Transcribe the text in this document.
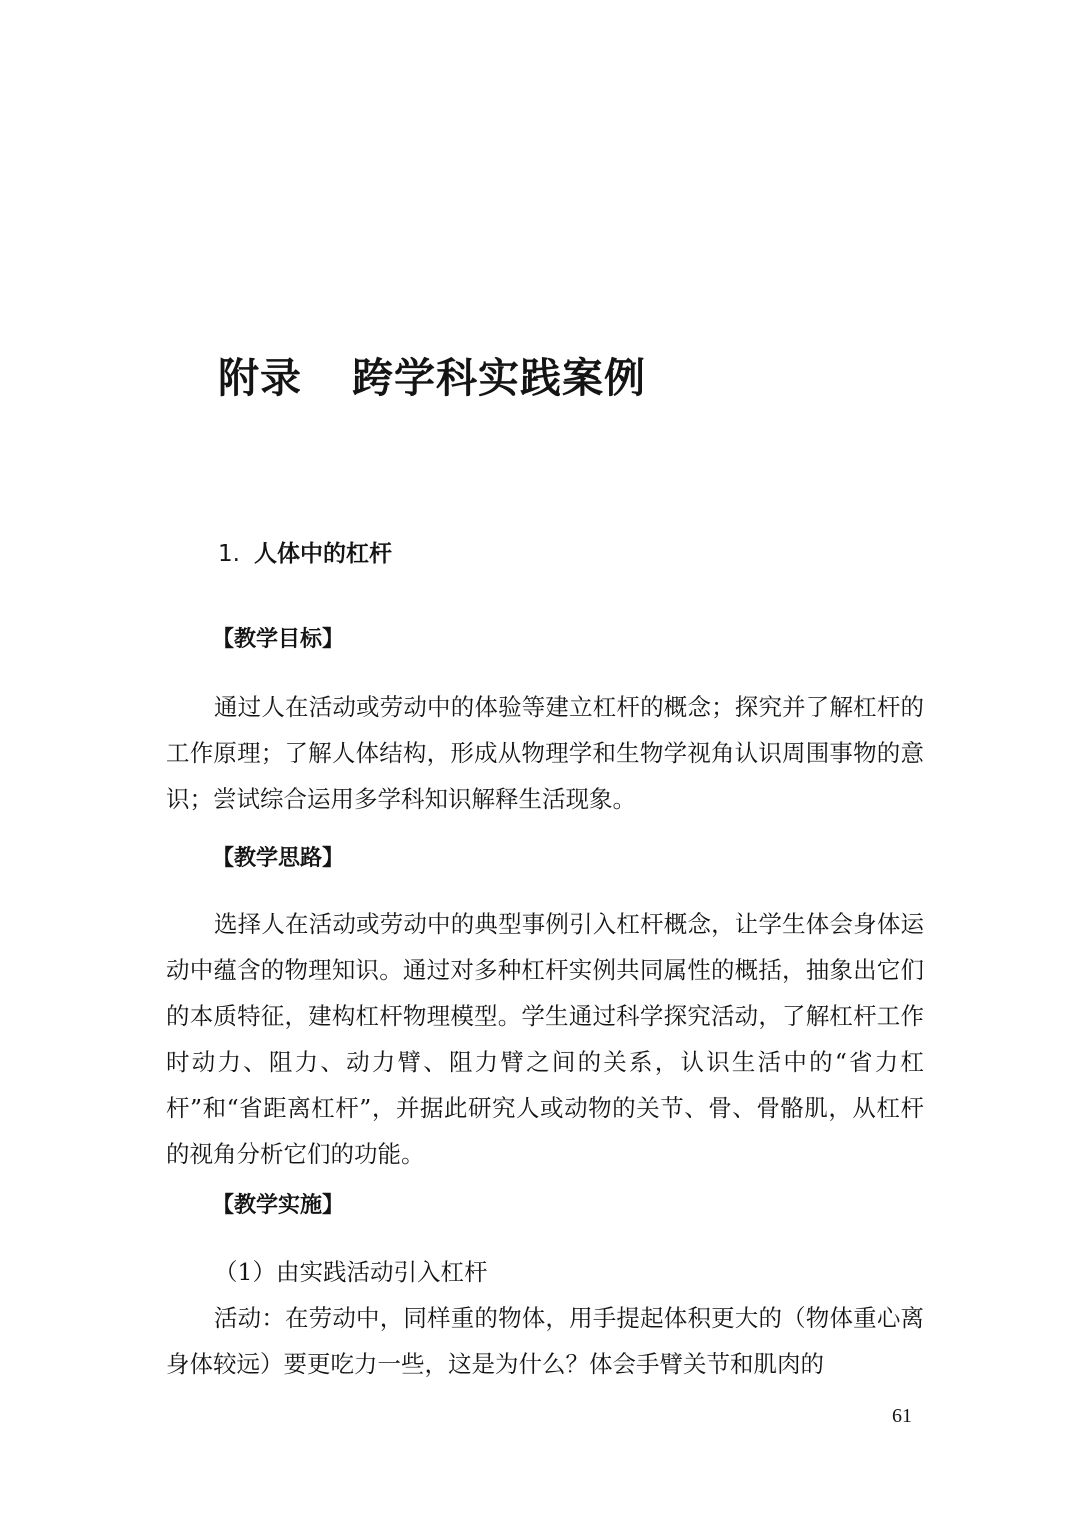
附录 跨学科实践案例
1. 人体中的杠杆
【教学目标】

通过人在活动或劳动中的体验等建立杠杆的概念；探究并了解杠杆的工作原理；了解人体结构，形成从物理学和生物学视角认识周围事物的意识；尝试综合运用多学科知识解释生活现象。

【教学思路】

选择人在活动或劳动中的典型事例引入杠杆概念，让学生体会身体运动中蕴含的物理知识。通过对多种杠杆实例共同属性的概括，抽象出它们的本质特征，建构杠杆物理模型。学生通过科学探究活动，了解杠杆工作时动力、阻力、动力臂、阻力臂之间的关系，认识生活中的“省力杠杆”和“省距离杠杆”，并据此研究人或动物的关节、骨、骨骼肌，从杠杆的视角分析它们的功能。

【教学实施】

（1）由实践活动引入杠杆

活动：在劳动中，同样重的物体，用手提起体积更大的（物体重心离身体较远）要更吃力一些，这是为什么？体会手臂关节和肌肉的

61
